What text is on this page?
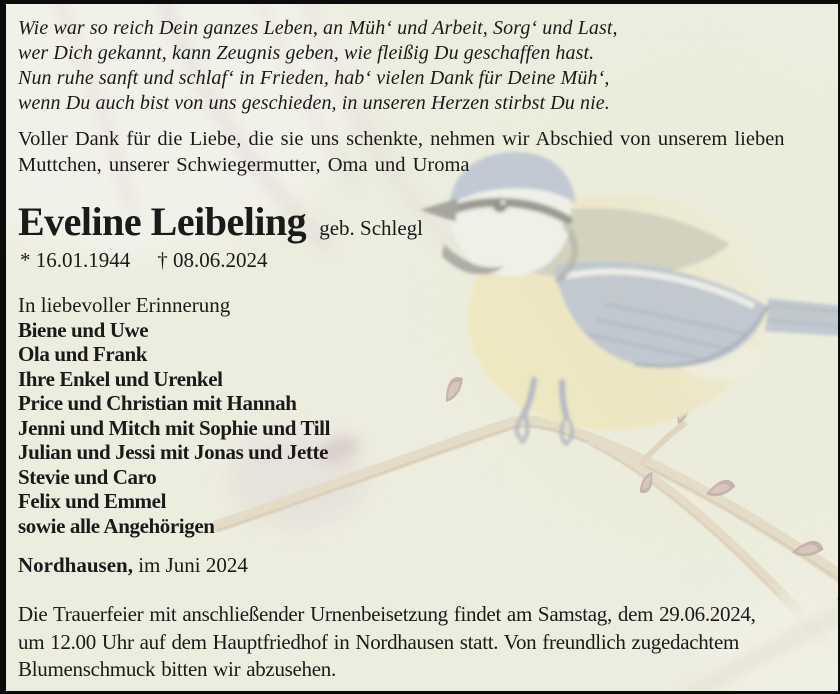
Wie war so reich Dein ganzes Leben, an Müh‘ und Arbeit, Sorg‘ und Last,
wer Dich gekannt, kann Zeugnis geben, wie fleißig Du geschaffen hast.
Nun ruhe sanft und schlaf‘ in Frieden, hab‘ vielen Dank für Deine Müh‘,
wenn Du auch bist von uns geschieden, in unseren Herzen stirbst Du nie.
Voller Dank für die Liebe, die sie uns schenkte, nehmen wir Abschied von unserem lieben
Muttchen, unserer Schwiegermutter, Oma und Uroma
Eveline Leibeling geb. Schlegl
* 16.01.1944 † 08.06.2024
In liebevoller Erinnerung
Biene und Uwe
Ola und Frank
Ihre Enkel und Urenkel
Price und Christian mit Hannah
Jenni und Mitch mit Sophie und Till
Julian und Jessi mit Jonas und Jette
Stevie und Caro
Felix und Emmel
sowie alle Angehörigen
Nordhausen, im Juni 2024
Die Trauerfeier mit anschließender Urnenbeisetzung findet am Samstag, dem 29.06.2024,
um 12.00 Uhr auf dem Hauptfriedhof in Nordhausen statt. Von freundlich zugedachtem
Blumenschmuck bitten wir abzusehen.
